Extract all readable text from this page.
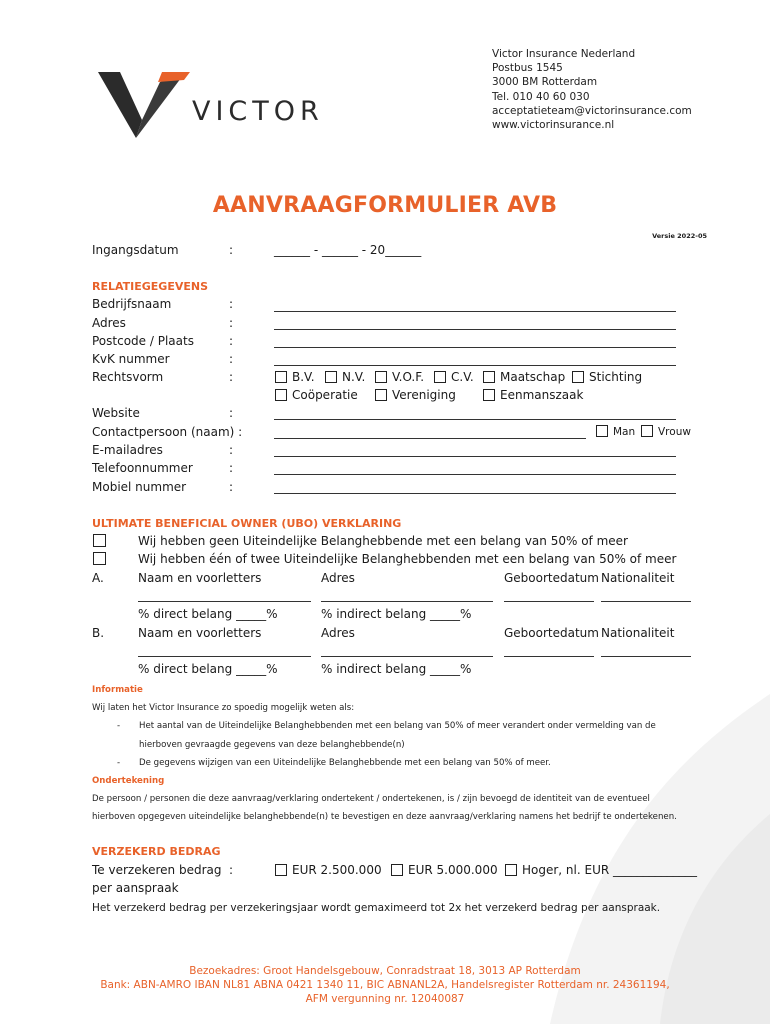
VICTOR
Victor Insurance Nederland
Postbus 1545
3000 BM Rotterdam
Tel. 010 40 60 030
acceptatieteam@victorinsurance.com
www.victorinsurance.nl
AANVRAAGFORMULIER AVB
Versie 2022-05
Ingangsdatum	:	______ - ______ - 20______
RELATIEGEGEVENS
Bedrijfsnaam	:
Adres	:
Postcode / Plaats	:
KvK nummer	:
Rechtsvorm	:	B.V.	N.V.	V.O.F.	C.V.	Maatschap	Stichting
Coöperatie	Vereniging	Eenmanszaak
Website	:
Contactpersoon (naam) :	Man	Vrouw
E-mailadres	:
Telefoonnummer	:
Mobiel nummer	:
ULTIMATE BENEFICIAL OWNER (UBO) VERKLARING
Wij hebben geen Uiteindelijke Belanghebbende met een belang van 50% of meer
Wij hebben één of twee Uiteindelijke Belanghebbenden met een belang van 50% of meer
A.	Naam en voorletters	Adres	Geboortedatum Nationaliteit
% direct belang _____%	% indirect belang _____%
B.	Naam en voorletters	Adres	Geboortedatum Nationaliteit
% direct belang _____%	% indirect belang _____%
Informatie
Wij laten het Victor Insurance zo spoedig mogelijk weten als:
- Het aantal van de Uiteindelijke Belanghebbenden met een belang van 50% of meer verandert onder vermelding van de
hierboven gevraagde gegevens van deze belanghebbende(n)
- De gegevens wijzigen van een Uiteindelijke Belanghebbende met een belang van 50% of meer.
Ondertekening
De persoon / personen die deze aanvraag/verklaring ondertekent / ondertekenen, is / zijn bevoegd de identiteit van de eventueel
hierboven opgegeven uiteindelijke belanghebbende(n) te bevestigen en deze aanvraag/verklaring namens het bedrijf te ondertekenen.
VERZEKERD BEDRAG
Te verzekeren bedrag :
per aanspraak
EUR 2.500.000	EUR 5.000.000	Hoger, nl. EUR ______________
Het verzekerd bedrag per verzekeringsjaar wordt gemaximeerd tot 2x het verzekerd bedrag per aanspraak.
Bezoekadres: Groot Handelsgebouw, Conradstraat 18, 3013 AP Rotterdam
Bank: ABN-AMRO IBAN NL81 ABNA 0421 1340 11, BIC ABNANL2A, Handelsregister Rotterdam nr. 24361194,
AFM vergunning nr. 12040087
